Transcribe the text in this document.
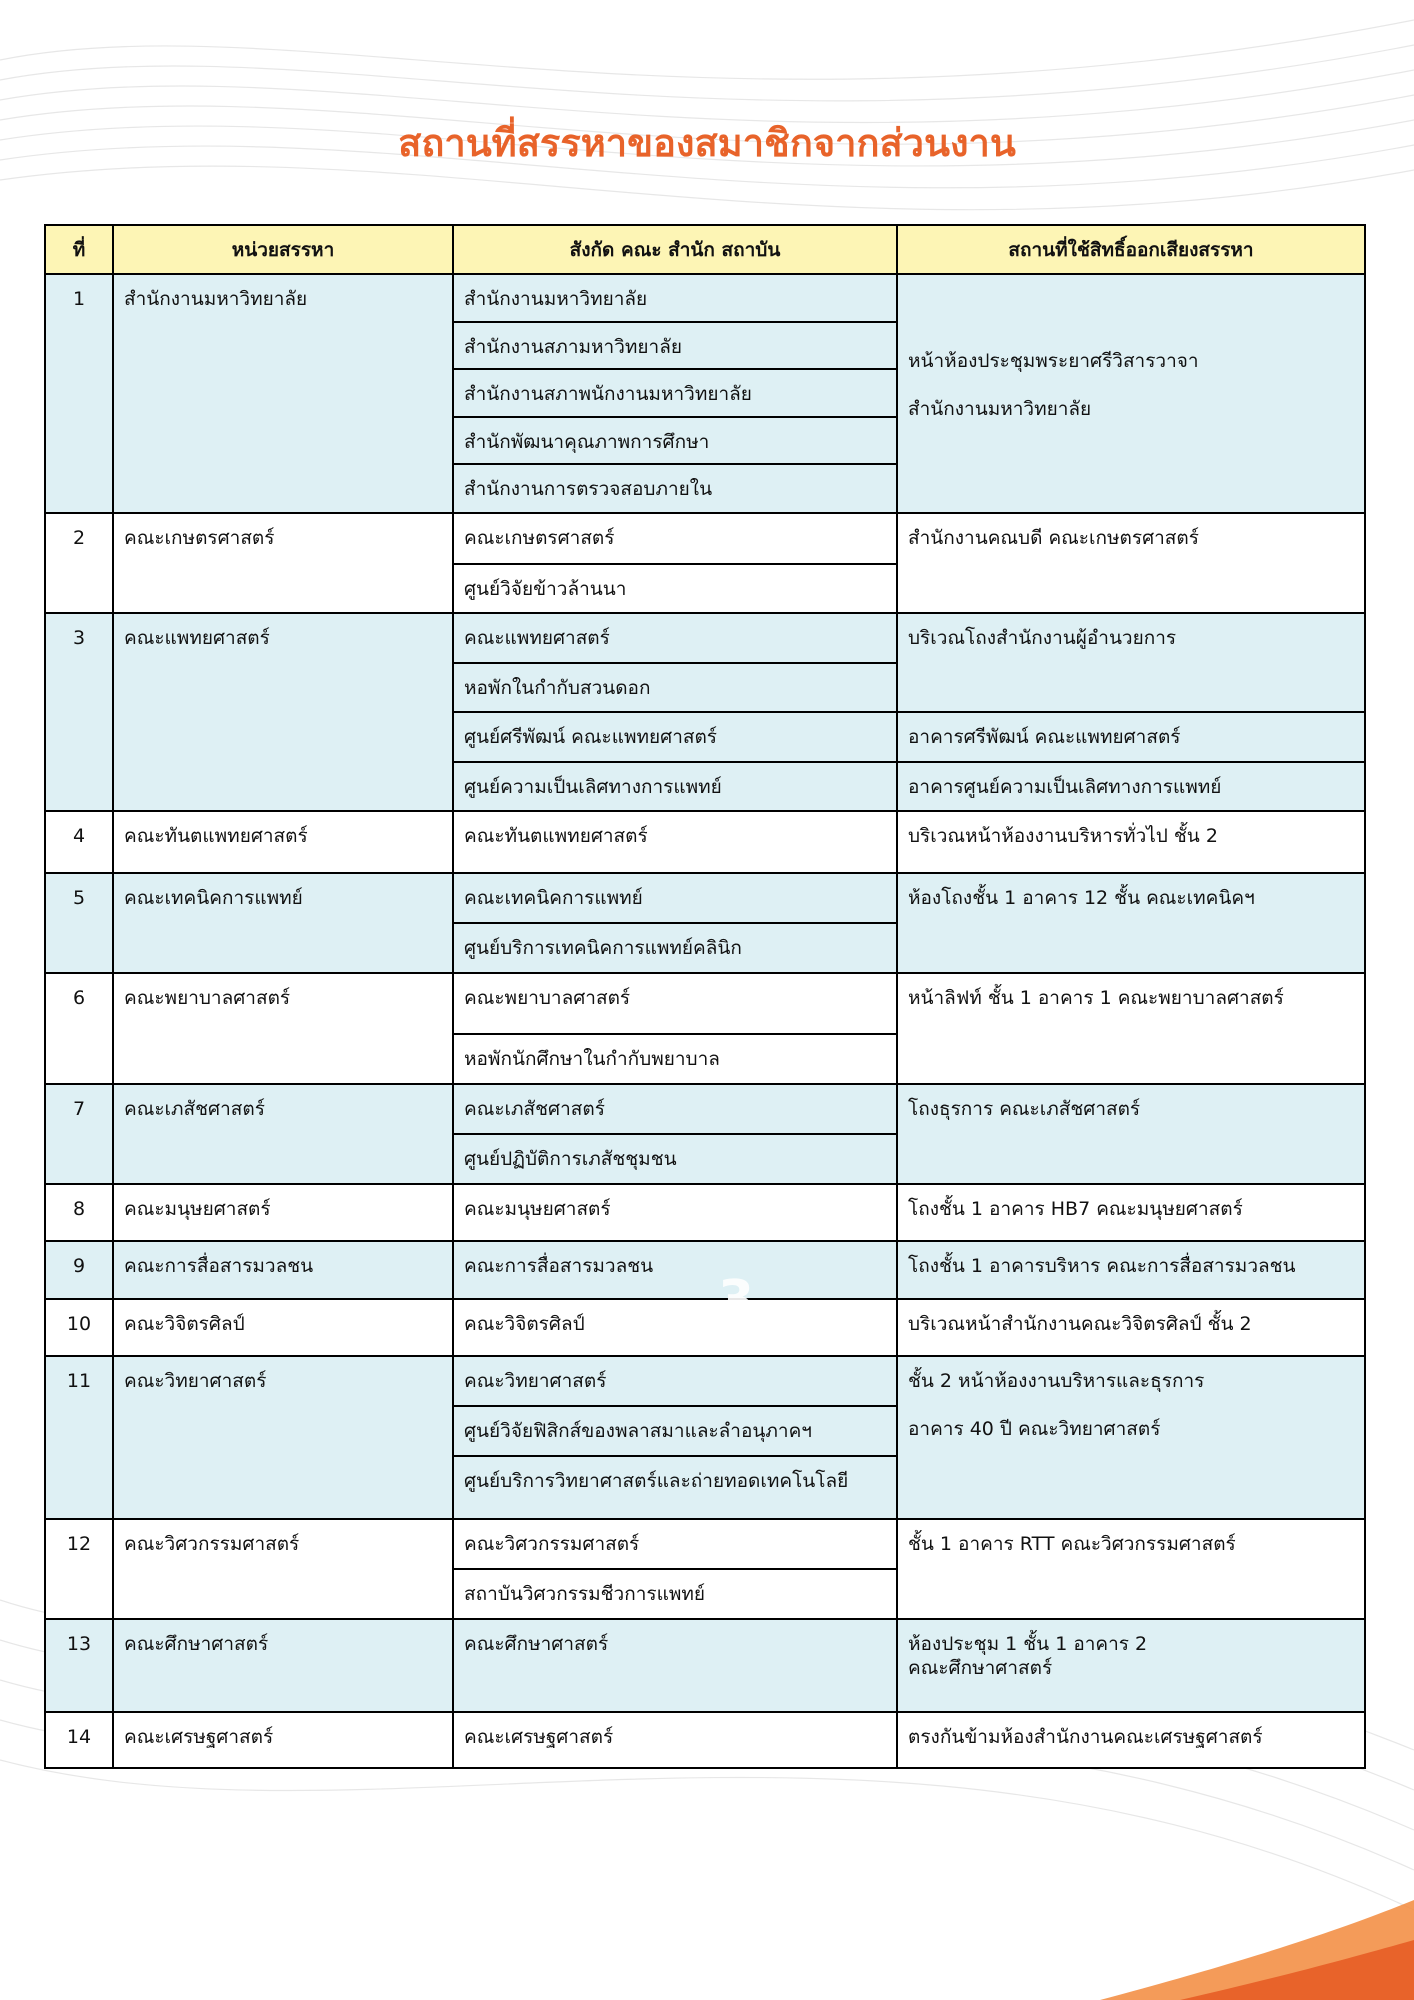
สถานที่สรรหาของสมาชิกจากส่วนงาน
ที่	หน่วยสรรหา	สังกัด คณะ สำนัก สถาบัน	สถานที่ใช้สิทธิ์ออกเสียงสรรหา
1	สำนักงานมหาวิทยาลัย	สำนักงานมหาวิทยาลัย	หน้าห้องประชุมพระยาศรีวิสารวาจา
สำนักงานมหาวิทยาลัย

		สำนักงานสภามหาวิทยาลัย	
		สำนักงานสภาพนักงานมหาวิทยาลัย	
		สำนักพัฒนาคุณภาพการศึกษา	
		สำนักงานการตรวจสอบภายใน	
2	คณะเกษตรศาสตร์	คณะเกษตรศาสตร์	สำนักงานคณบดี คณะเกษตรศาสตร์
		ศูนย์วิจัยข้าวล้านนา	
3	คณะแพทยศาสตร์	คณะแพทยศาสตร์	บริเวณโถงสำนักงานผู้อำนวยการ
		หอพักในกำกับสวนดอก	
		ศูนย์ศรีพัฒน์ คณะแพทยศาสตร์	อาคารศรีพัฒน์ คณะแพทยศาสตร์
		ศูนย์ความเป็นเลิศทางการแพทย์	อาคารศูนย์ความเป็นเลิศทางการแพทย์
4	คณะทันตแพทยศาสตร์	คณะทันตแพทยศาสตร์	บริเวณหน้าห้องงานบริหารทั่วไป ชั้น 2
5	คณะเทคนิคการแพทย์	คณะเทคนิคการแพทย์	ห้องโถงชั้น 1 อาคาร 12 ชั้น คณะเทคนิคฯ
		ศูนย์บริการเทคนิคการแพทย์คลินิก	
6	คณะพยาบาลศาสตร์	คณะพยาบาลศาสตร์	หน้าลิฟท์ ชั้น 1 อาคาร 1 คณะพยาบาลศาสตร์
		หอพักนักศึกษาในกำกับพยาบาล	
7	คณะเภสัชศาสตร์	คณะเภสัชศาสตร์	โถงธุรการ คณะเภสัชศาสตร์
		ศูนย์ปฏิบัติการเภสัชชุมชน	
8	คณะมนุษยศาสตร์	คณะมนุษยศาสตร์	โถงชั้น 1 อาคาร HB7 คณะมนุษยศาสตร์
9	คณะการสื่อสารมวลชน	คณะการสื่อสารมวลชน	โถงชั้น 1 อาคารบริหาร คณะการสื่อสารมวลชน
10	คณะวิจิตรศิลป์	คณะวิจิตรศิลป์	บริเวณหน้าสำนักงานคณะวิจิตรศิลป์ ชั้น 2
11	คณะวิทยาศาสตร์	คณะวิทยาศาสตร์	ชั้น 2 หน้าห้องงานบริหารและธุรการ
อาคาร 40 ปี คณะวิทยาศาสตร์

		ศูนย์วิจัยฟิสิกส์ของพลาสมาและลำอนุภาคฯ	
		ศูนย์บริการวิทยาศาสตร์และถ่ายทอดเทคโนโลยี	
12	คณะวิศวกรรมศาสตร์	คณะวิศวกรรมศาสตร์	ชั้น 1 อาคาร RTT คณะวิศวกรรมศาสตร์
		สถาบันวิศวกรรมชีวการแพทย์	
13	คณะศึกษาศาสตร์	คณะศึกษาศาสตร์	ห้องประชุม 1 ชั้น 1 อาคาร 2
คณะศึกษาศาสตร์

14	คณะเศรษฐศาสตร์	คณะเศรษฐศาสตร์	ตรงกันข้ามห้องสำนักงานคณะเศรษฐศาสตร์
3
